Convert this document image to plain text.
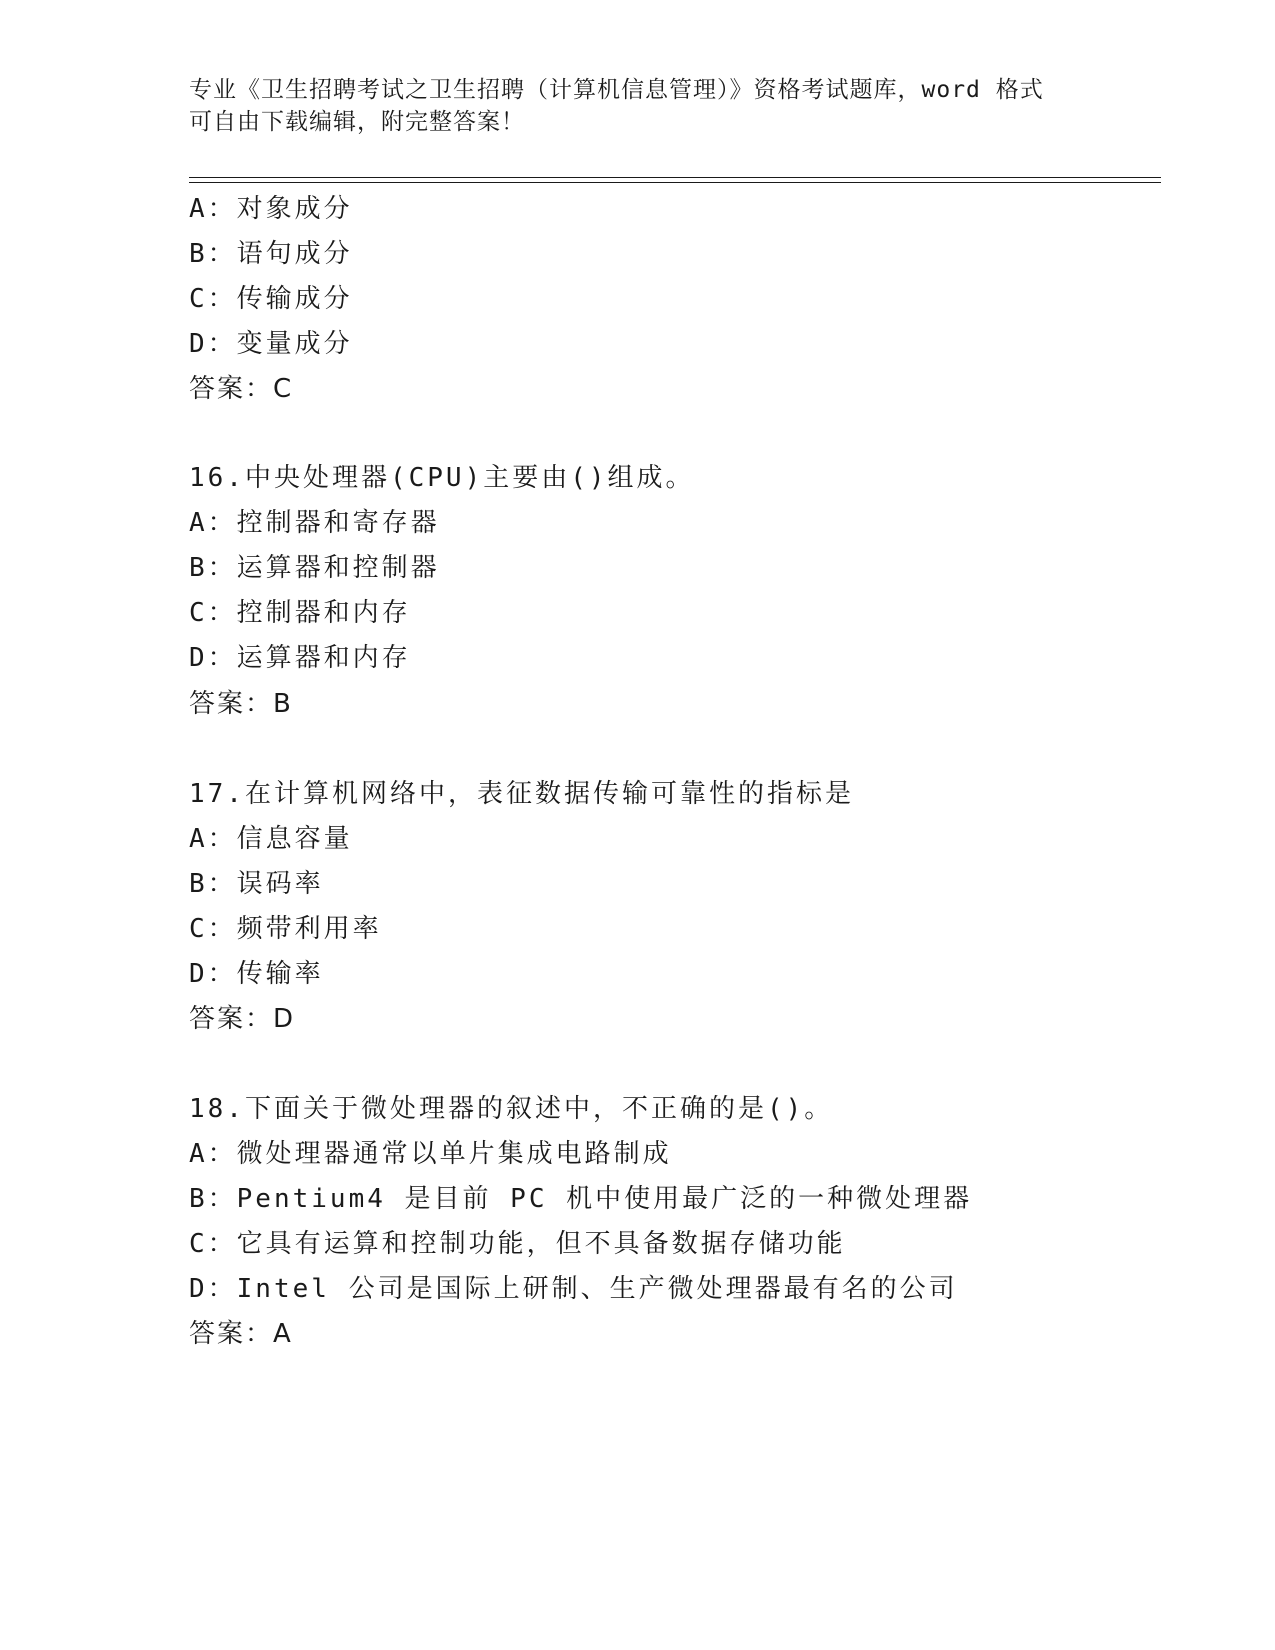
专业《卫生招聘考试之卫生招聘（计算机信息管理）》资格考试题库，word 格式
可自由下载编辑，附完整答案！
A：对象成分
B：语句成分
C：传输成分
D：变量成分
答案：C
16.中央处理器(CPU)主要由()组成。
A：控制器和寄存器
B：运算器和控制器
C：控制器和内存
D：运算器和内存
答案：B
17.在计算机网络中，表征数据传输可靠性的指标是
A：信息容量
B：误码率
C：频带利用率
D：传输率
答案：D
18.下面关于微处理器的叙述中，不正确的是()。
A：微处理器通常以单片集成电路制成
B：Pentium4 是目前 PC 机中使用最广泛的一种微处理器
C：它具有运算和控制功能，但不具备数据存储功能
D：Intel 公司是国际上研制、生产微处理器最有名的公司
答案：A
